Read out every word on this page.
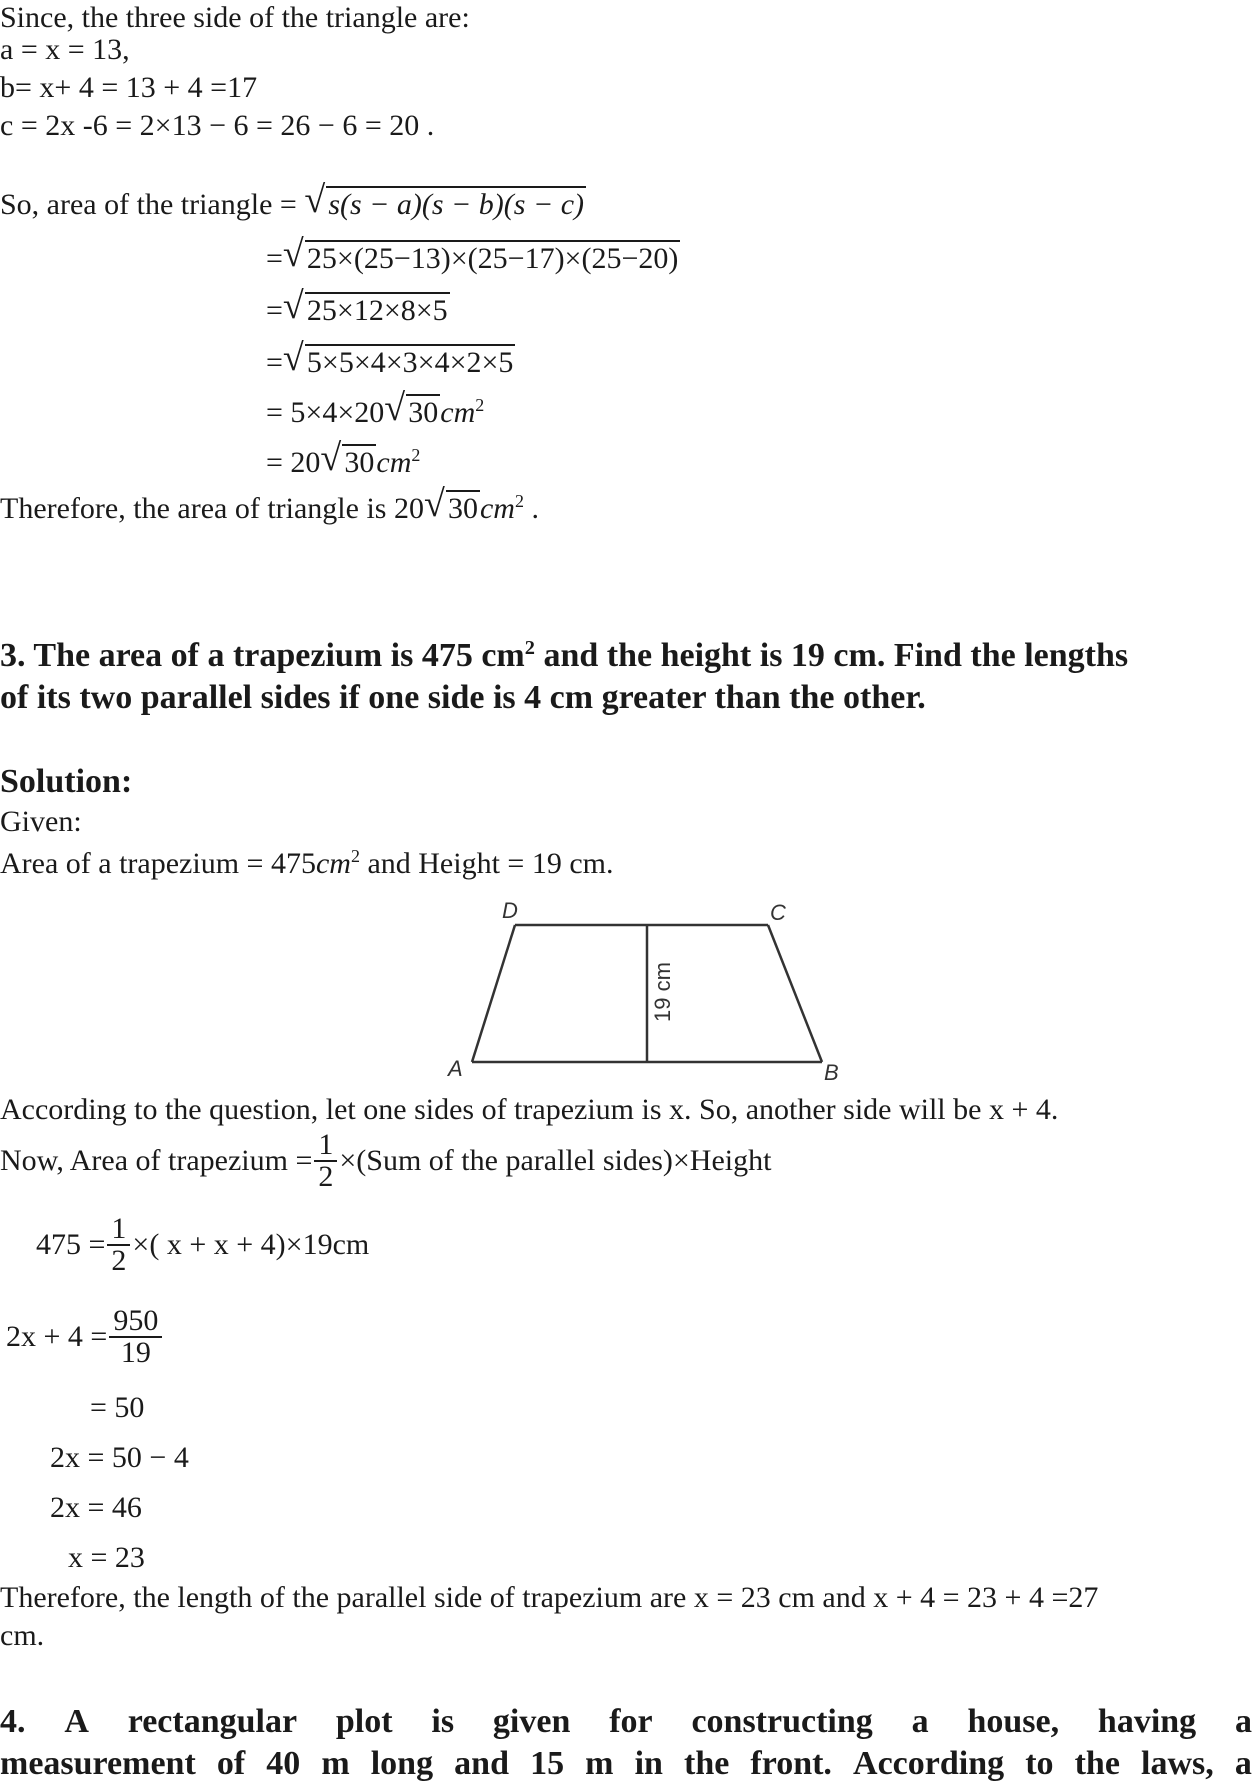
Since, the three side of the triangle are:
a = x = 13,
b= x+ 4 = 13 + 4 =17
c = 2x -6 = 2×13 − 6 = 26 − 6 = 20 .
So, area of the triangle = √ s(s − a)(s − b)(s − c)
= √ 25×(25−13)×(25−17)×(25−20)
= √ 25×12×8×5
= √ 5×5×4×3×4×2×5
= 5×4×20 √ $30cm^2$
= 20 √ $30cm^2$
Therefore, the area of triangle is 20 √ $30cm^2$ .
3. The area of a trapezium is 475 $cm^2$ and the height is 19 cm. Find the lengths
of its two parallel sides if one side is 4 cm greater than the other.
Solution:
Given:
Area of a trapezium = $475cm^2$ and Height = 19 cm.
D	C
A	B
19 cm
According to the question, let one sides of trapezium is x. So, another side will be x + 4.
Now, Area of trapezium = $\frac{1}{2} \times(Sum$ of the parallel sides)×Height
$475 = \frac{1}{2}$ ×( x + x + 4)×19cm
$2x + 4 = \frac{950}{19}$
= 50
2x = 50 − 4
2x = 46
x = 23
Therefore, the length of the parallel side of trapezium are x = 23 cm and x + 4 = 23 + 4 =27
cm.
4. A rectangular plot is given for constructing a house, having a
measurement of 40 m long and 15 m in the front. According to the laws, a
